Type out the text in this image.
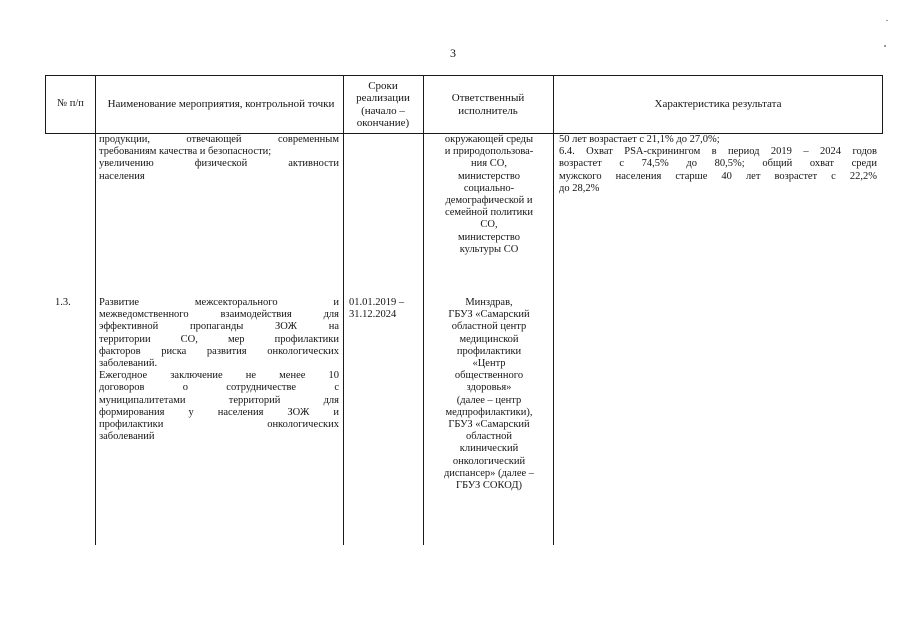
3
№ п/п Наименование мероприятия, контрольной точки
Сроки реализации (начало – окончание)
Ответственный исполнитель
Характеристика результата
продукции, отвечающей современным
требованиям качества и безопасности;
увеличению физической активности
населения
окружающей среды
и природопользова-
ния СО,
министерство
социально-
демографической и
семейной политики
СО,
министерство
культуры СО
50 лет возрастает с 21,1% до 27,0%;
6.4. Охват PSA-скринингом в период 2019 – 2024 годов
возрастет с 74,5% до 80,5%; общий охват среди
мужского населения старше 40 лет возрастет с 22,2%
до 28,2%
1.3.	Развитие межсекторального и
межведомственного взаимодействия для
эффективной пропаганды ЗОЖ на
территории СО, мер профилактики
факторов риска развития онкологических
заболеваний.
Ежегодное заключение не менее 10
договоров о сотрудничестве с
муниципалитетами территорий для
формирования у населения ЗОЖ и
профилактики онкологических
заболеваний
01.01.2019 –
31.12.2024
Минздрав,
ГБУЗ «Самарский
областной центр
медицинской
профилактики
«Центр
общественного
здоровья»
(далее – центр
медпрофилактики),
ГБУЗ «Самарский
областной
клинический
онкологический
диспансер» (далее –
ГБУЗ СОКОД)
